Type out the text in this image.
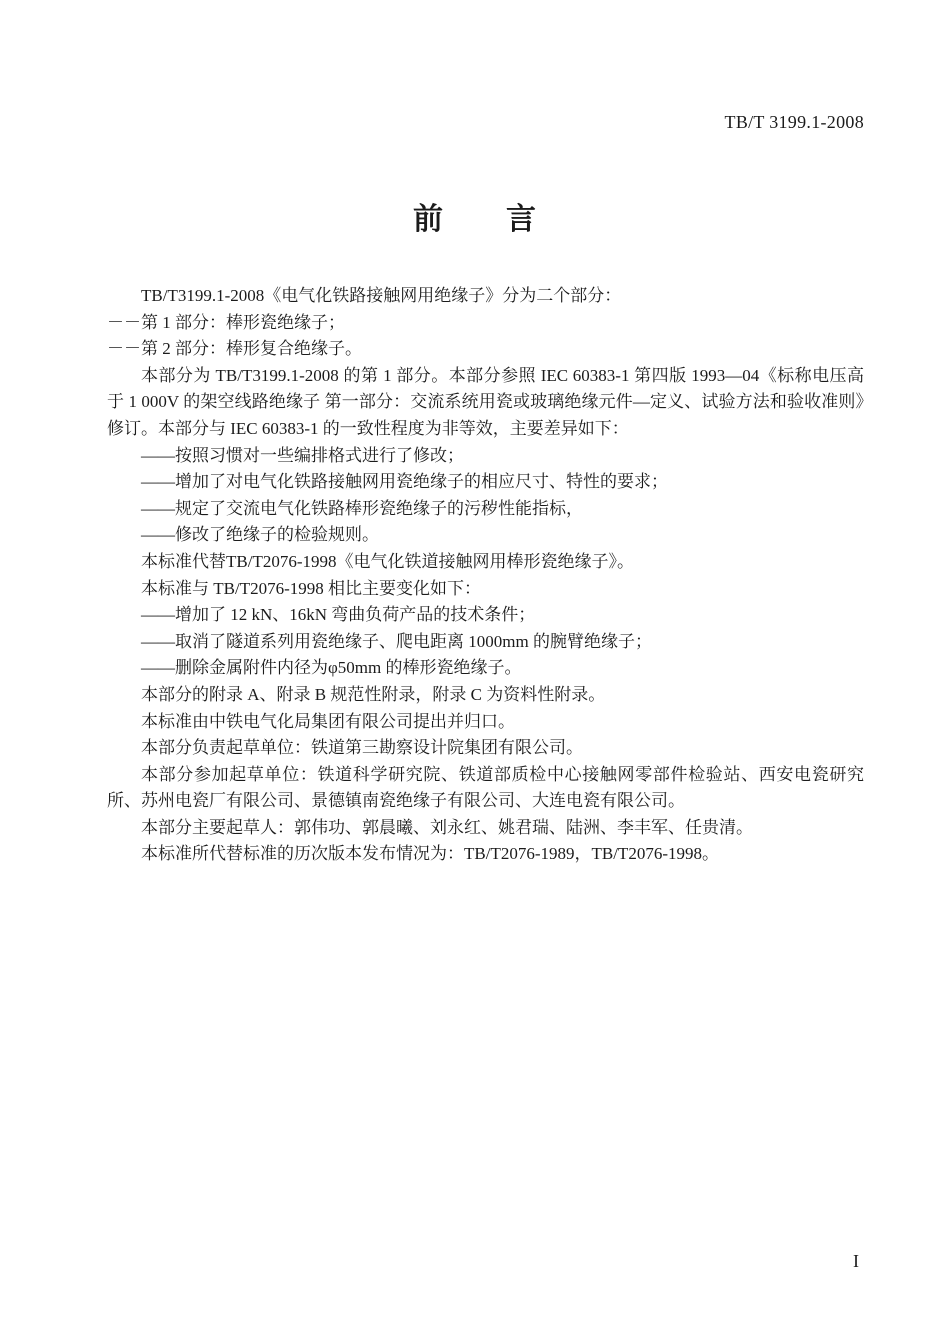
TB/T 3199.1-2008
前　　言

TB/T3199.1-2008《电气化铁路接触网用绝缘子》分为二个部分：

－－第 1 部分：棒形瓷绝缘子；

－－第 2 部分：棒形复合绝缘子。

本部分为 TB/T3199.1-2008 的第 1 部分。本部分参照 IEC 60383-1 第四版 1993—04《标称电压高于 1 000V 的架空线路绝缘子 第一部分：交流系统用瓷或玻璃绝缘元件—定义、试验方法和验收准则》修订。本部分与 IEC 60383-1 的一致性程度为非等效，主要差异如下：

——按照习惯对一些编排格式进行了修改；

——增加了对电气化铁路接触网用瓷绝缘子的相应尺寸、特性的要求；

——规定了交流电气化铁路棒形瓷绝缘子的污秽性能指标，

——修改了绝缘子的检验规则。

本标准代替TB/T2076-1998《电气化铁道接触网用棒形瓷绝缘子》。

本标准与 TB/T2076-1998 相比主要变化如下：

——增加了 12 kN、16kN 弯曲负荷产品的技术条件；

——取消了隧道系列用瓷绝缘子、爬电距离 1000mm 的腕臂绝缘子；

——删除金属附件内径为φ50mm 的棒形瓷绝缘子。

本部分的附录 A、附录 B 规范性附录，附录 C 为资料性附录。

本标准由中铁电气化局集团有限公司提出并归口。

本部分负责起草单位：铁道第三勘察设计院集团有限公司。

本部分参加起草单位：铁道科学研究院、铁道部质检中心接触网零部件检验站、西安电瓷研究所、苏州电瓷厂有限公司、景德镇南瓷绝缘子有限公司、大连电瓷有限公司。

本部分主要起草人：郭伟功、郭晨曦、刘永红、姚君瑞、陆洲、李丰军、任贵清。

本标准所代替标准的历次版本发布情况为：TB/T2076-1989，TB/T2076-1998。

I
